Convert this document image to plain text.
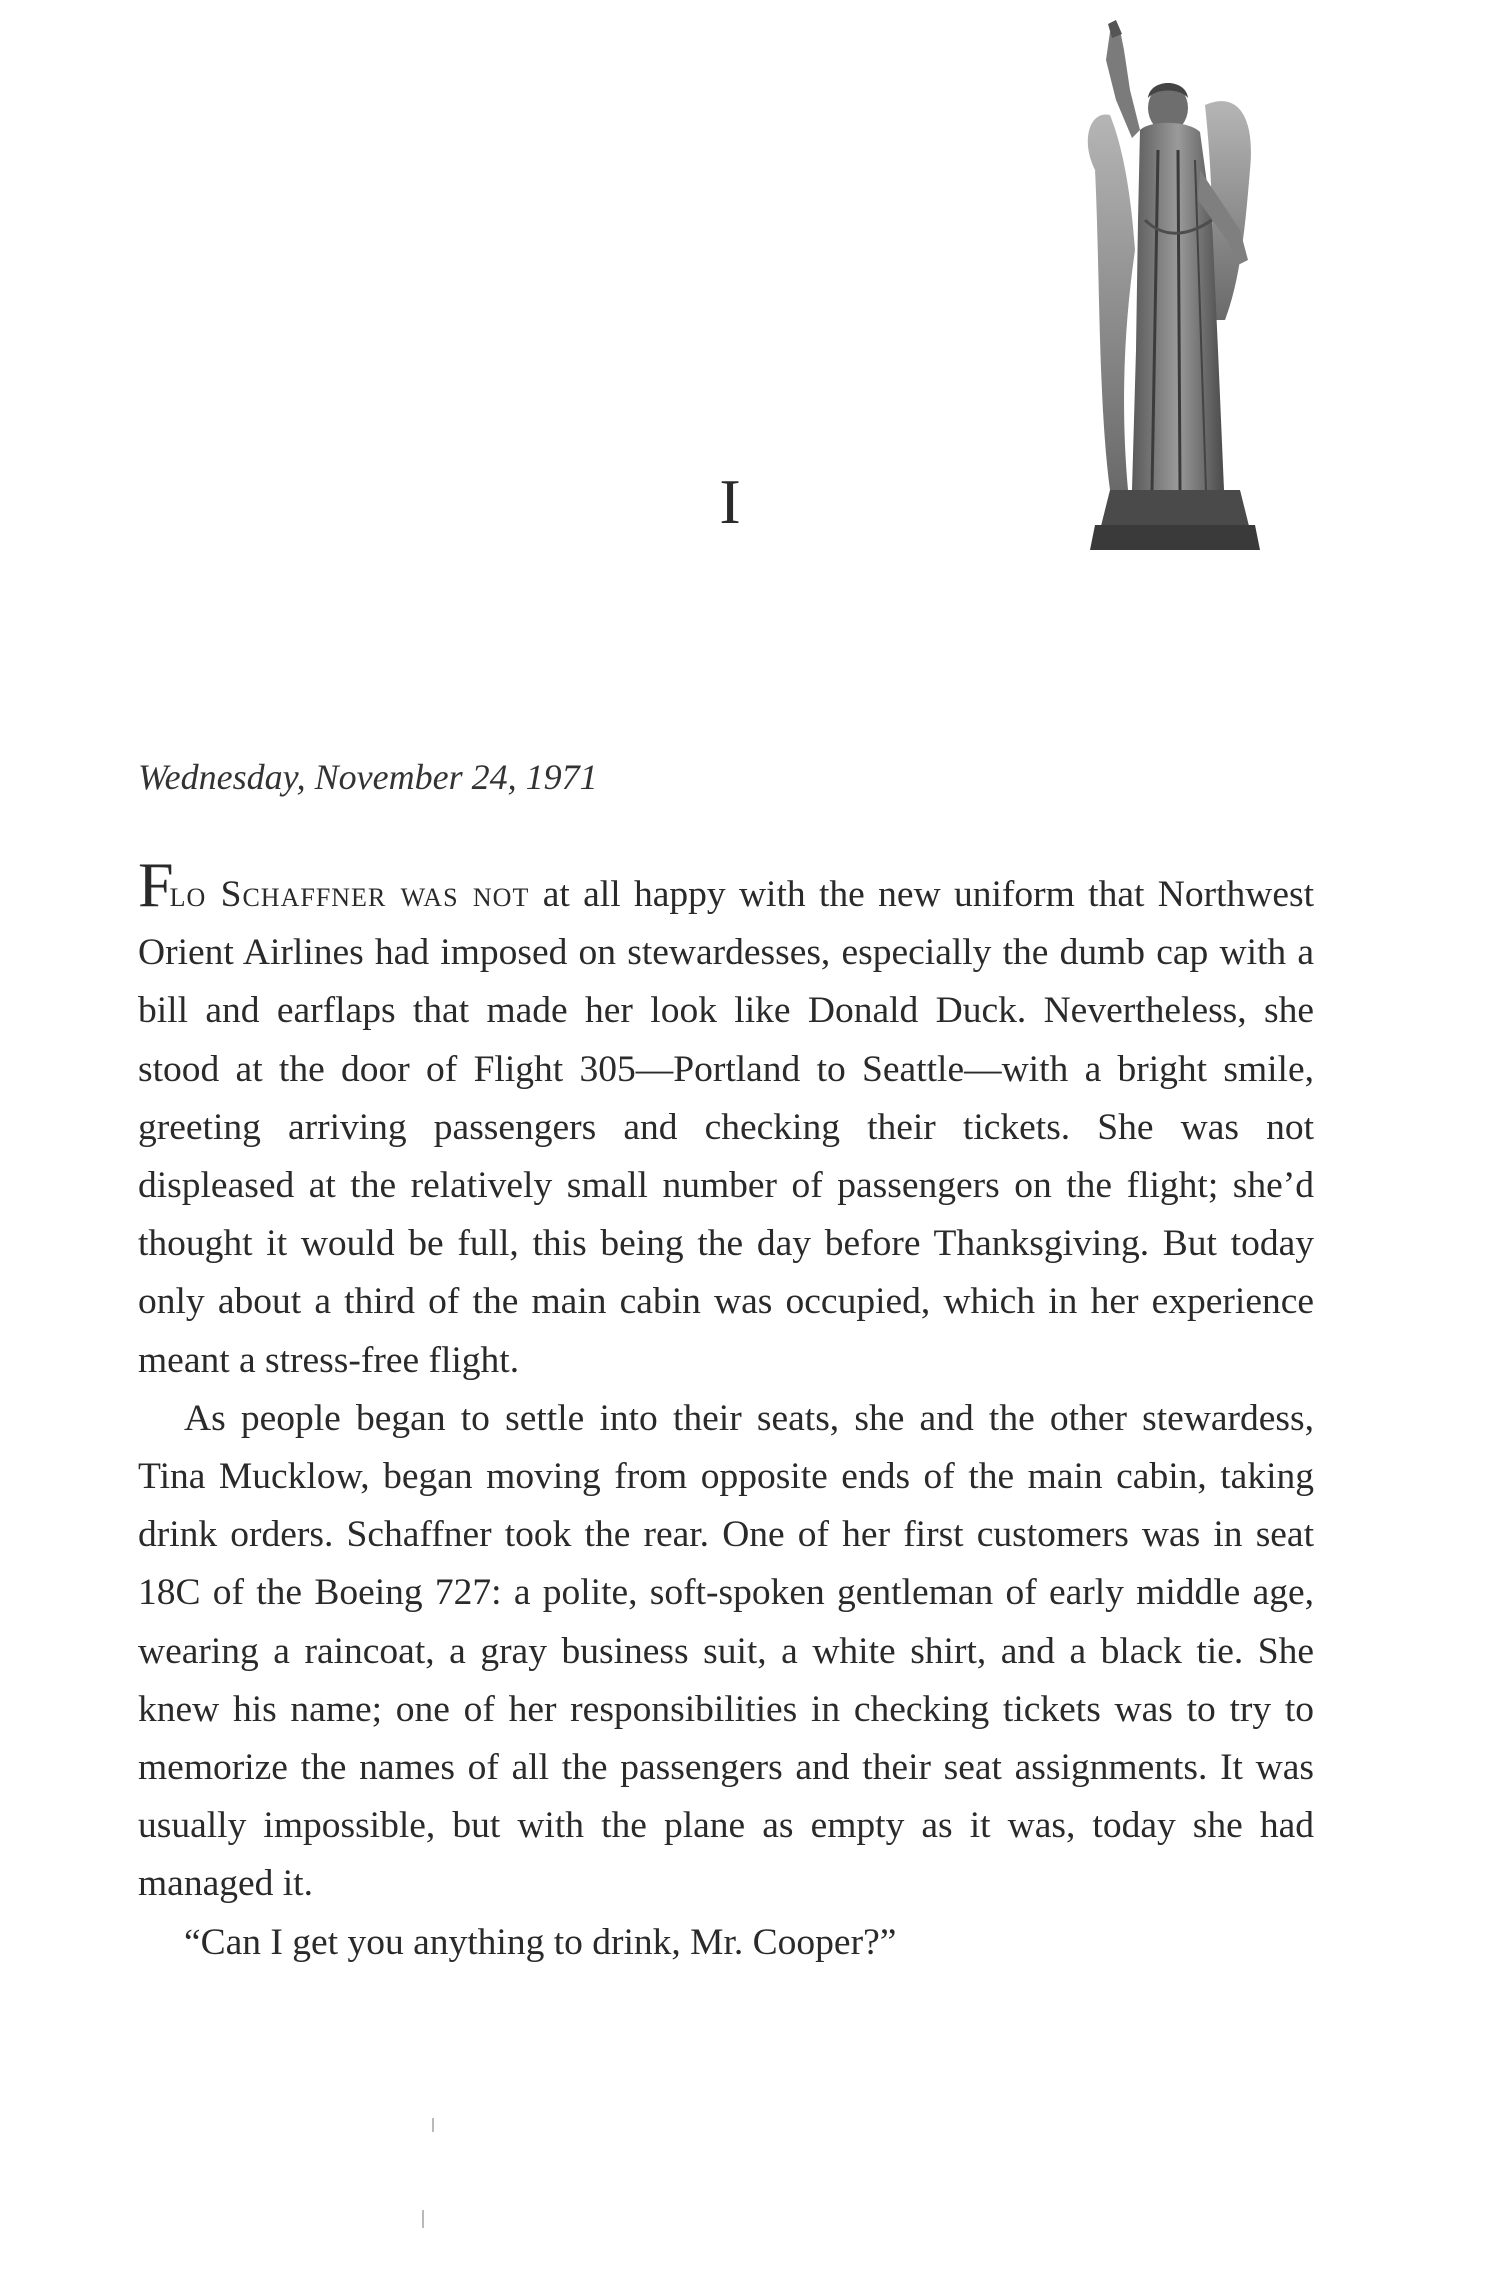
I
Wednesday, November 24, 1971

Flo Schaffner was not at all happy with the new uniform that Northwest Orient Airlines had imposed on stewardesses, especially the dumb cap with a bill and earflaps that made her look like Donald Duck. Nevertheless, she stood at the door of Flight 305—Portland to Seattle—with a bright smile, greeting arriving passengers and checking their tickets. She was not displeased at the relatively small number of passengers on the flight; she’d thought it would be full, this being the day before Thanksgiving. But today only about a third of the main cabin was occupied, which in her experience meant a stress-free flight.

As people began to settle into their seats, she and the other stewardess, Tina Mucklow, began moving from opposite ends of the main cabin, taking drink orders. Schaffner took the rear. One of her first customers was in seat 18C of the Boeing 727: a polite, soft-spoken gentleman of early middle age, wearing a raincoat, a gray business suit, a white shirt, and a black tie. She knew his name; one of her responsibilities in checking tickets was to try to memorize the names of all the passengers and their seat assignments. It was usually impossible, but with the plane as empty as it was, today she had managed it.

“Can I get you anything to drink, Mr. Cooper?”
